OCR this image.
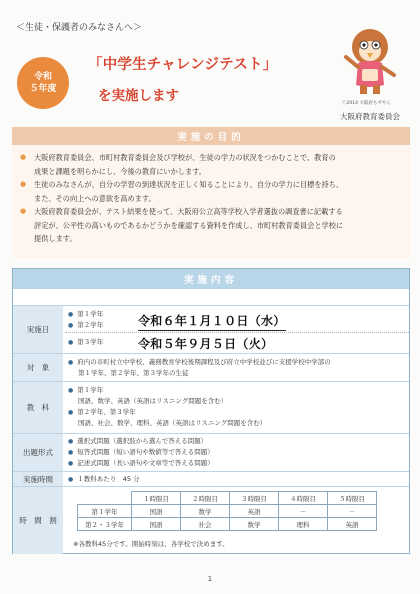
＜生徒・保護者のみなさんへ＞
令和
５年度
「中学生チャレンジテスト」
を実施します	ⓒ2014 大阪府もずやん
大阪府教育委員会
実施の目的
●	大阪府教育委員会、市町村教育委員会及び学校が、生徒の学力の状況をつかむことで、教育の
成果と課題を明らかにし、今後の教育にいかします。
●	生徒のみなさんが、自分の学習の到達状況を正しく知ることにより、自分の学力に目標を持ち、
また、その向上への意欲を高めます。
●	大阪府教育委員会が、テスト結果を使って、大阪府公立高等学校入学者選抜の調査書に記載する
評定が、公平性の高いものであるかどうかを確認する資料を作成し、市町村教育委員会と学校に
提供します。
実施内容
実施日
● 第１学年
● 第２学年	令和６年１月１０日（水）
● 第３学年	令和５年９月５日（火）
対　象
● 府内の市町村立中学校、義務教育学校後期課程及び府立中学校並びに支援学校中学部の
第１学年、第２学年、第３学年の生徒
教　科
● 第１学年
国語、数学、英語（英語はリスニング問題を含む）
● 第２学年、第３学年
国語、社会、数学、理科、英語（英語はリスニング問題を含む）
出題形式
● 選択式問題（選択肢から選んで答える問題）
● 短答式問題（短い語句や数値等で答える問題）
● 記述式問題（長い語句や文章等で答える問題）
実施時間	● １教科あたり　45 分
時　間　割
	１時限目	２時限目	３時限目	４時限目	５時限目
第１学年	国語	数学	英語	－	－
第２・３学年	国語	社会	数学	理科	英語
※各教科45分です。開始時刻は、各学校で決めます。
1
